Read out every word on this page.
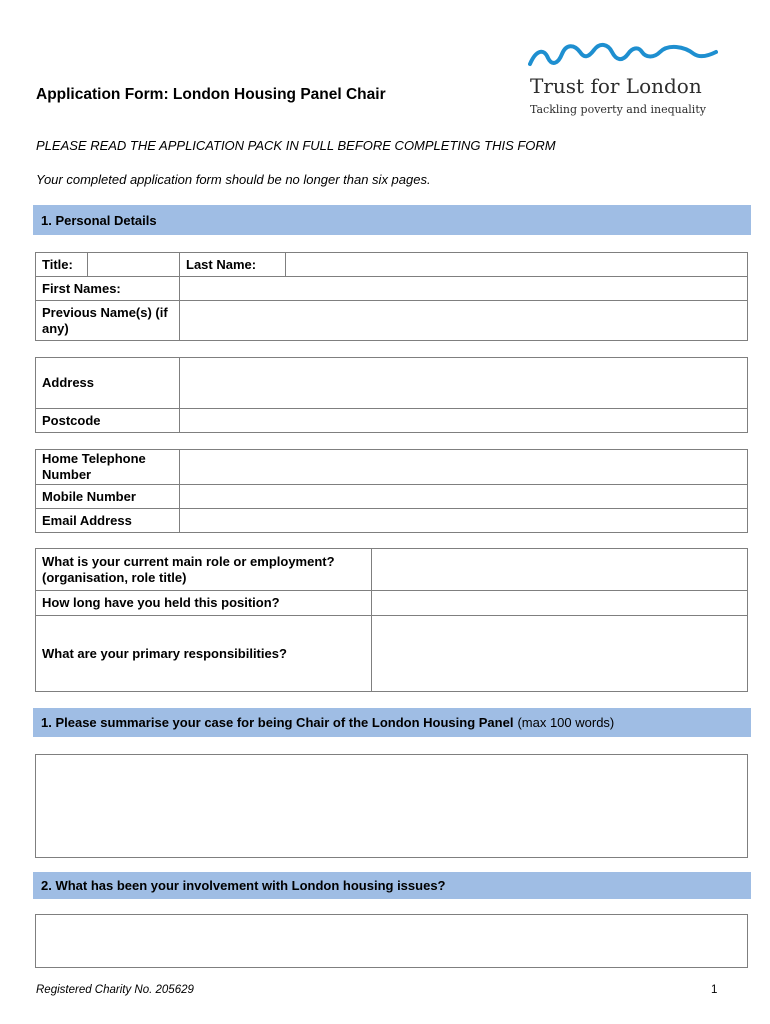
Trust for London
Tackling poverty and inequality
Application Form: London Housing Panel Chair
PLEASE READ THE APPLICATION PACK IN FULL BEFORE COMPLETING THIS FORM
Your completed application form should be no longer than six pages.
1. Personal Details
Title:		Last Name:	
First Names:			
Previous Name(s) (if any)			
Address	
Postcode	
Home Telephone Number	
Mobile Number	
Email Address	
What is your current main role or employment? (organisation, role title)	
How long have you held this position?	
What are your primary responsibilities?	
1. Please summarise your case for being Chair of the London Housing Panel (max 100 words)
2. What has been your involvement with London housing issues?
Registered Charity No. 205629	1
